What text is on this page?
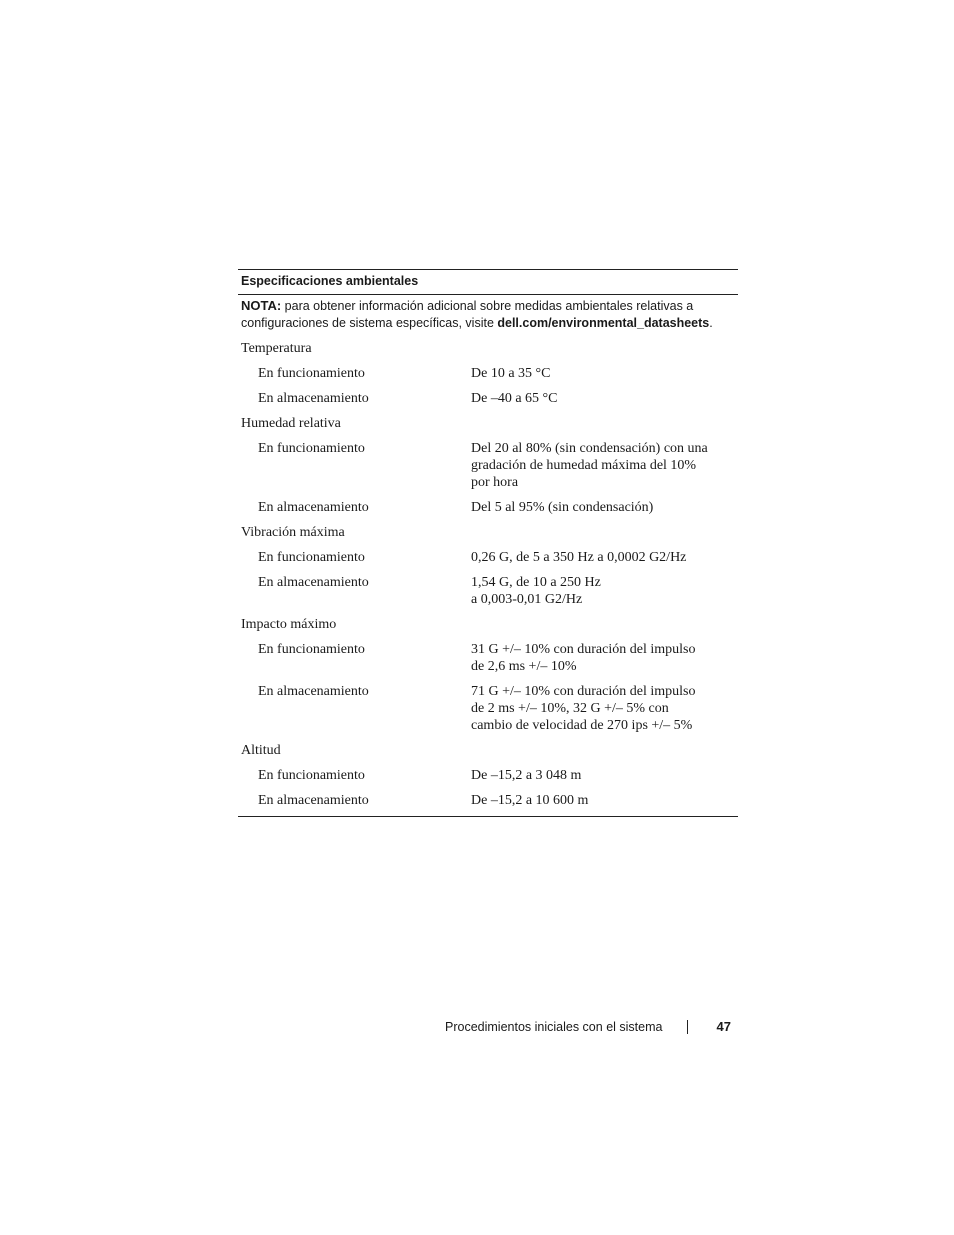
Especificaciones ambientales
NOTA: para obtener información adicional sobre medidas ambientales relativas a configuraciones de sistema específicas, visite dell.com/environmental_datasheets.
Temperatura
En funcionamiento	De 10 a 35 °C
En almacenamiento	De –40 a 65 °C
Humedad relativa
En funcionamiento	Del 20 al 80% (sin condensación) con una
gradación de humedad máxima del 10%
por hora
En almacenamiento	Del 5 al 95% (sin condensación)
Vibración máxima
En funcionamiento	0,26 G, de 5 a 350 Hz a 0,0002 G2/Hz
En almacenamiento	1,54 G, de 10 a 250 Hz
a 0,003-0,01 G2/Hz
Impacto máximo
En funcionamiento	31 G +/– 10% con duración del impulso
de 2,6 ms +/– 10%
En almacenamiento	71 G +/– 10% con duración del impulso
de 2 ms +/– 10%, 32 G +/– 5% con
cambio de velocidad de 270 ips +/– 5%
Altitud
En funcionamiento	De –15,2 a 3 048 m
En almacenamiento	De –15,2 a 10 600 m
Procedimientos iniciales con el sistema	47
